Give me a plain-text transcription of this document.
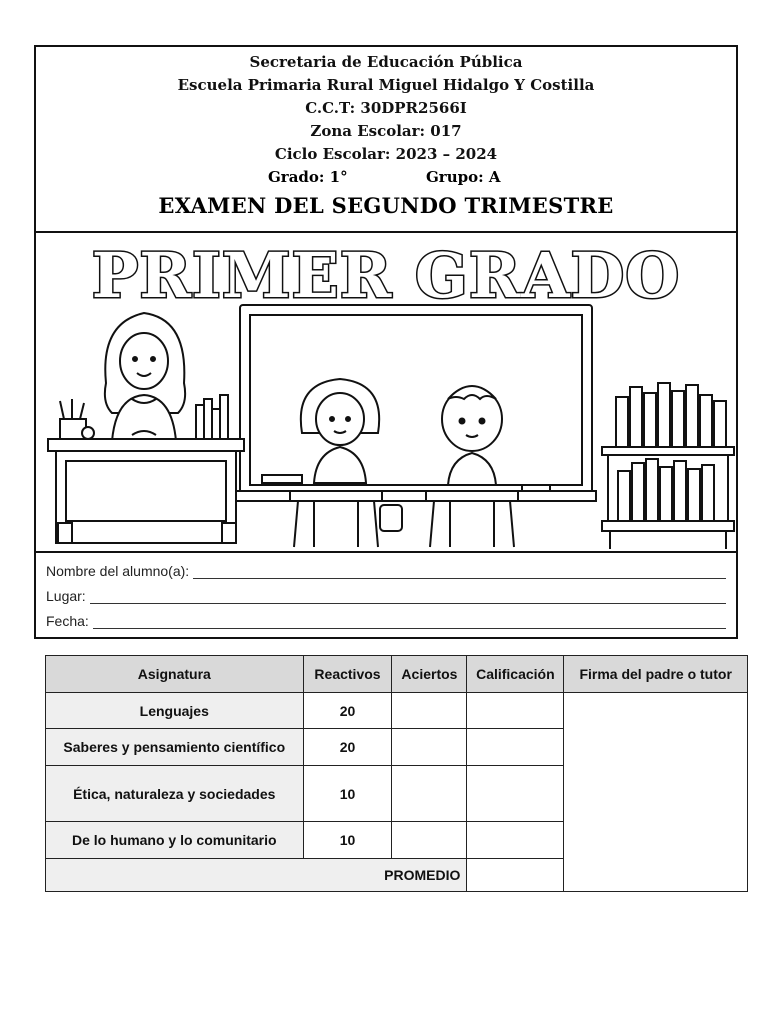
Secretaria de Educación Pública
Escuela Primaria Rural Miguel Hidalgo Y Costilla
C.C.T: 30DPR2566I
Zona Escolar: 017
Ciclo Escolar: 2023 – 2024
Grado: 1°	Grupo: A
EXAMEN DEL SEGUNDO TRIMESTRE
PRIMER GRADO
Nombre del alumno(a):
Lugar:
Fecha:
Asignatura	Reactivos	Aciertos	Calificación	Firma del padre o tutor
Lenguajes	20			
Saberes y pensamiento científico	20			
Ética, naturaleza y sociedades	10			
De lo humano y lo comunitario	10			
PROMEDIO				
